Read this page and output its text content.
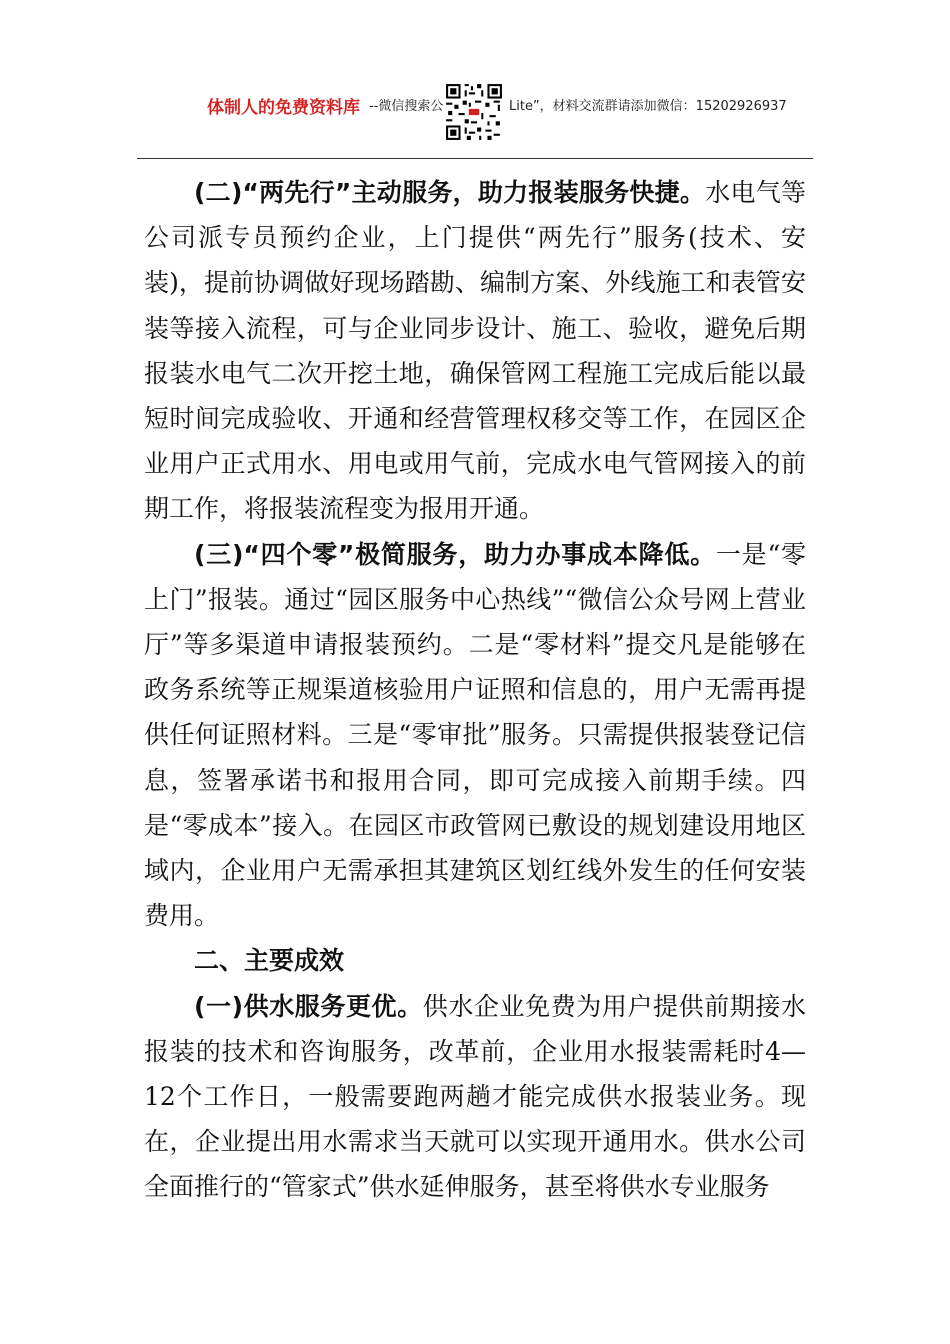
体制人的免费资料库 --微信搜索公	Lite”，材料交流群请添加微信：15202926937

(二)“两先行”主动服务，助力报装服务快捷。水电气等公司派专员预约企业，上门提供“两先行”服务(技术、安装)，提前协调做好现场踏勘、编制方案、外线施工和表管安装等接入流程，可与企业同步设计、施工、验收，避免后期报装水电气二次开挖土地，确保管网工程施工完成后能以最短时间完成验收、开通和经营管理权移交等工作，在园区企业用户正式用水、用电或用气前，完成水电气管网接入的前期工作，将报装流程变为报用开通。

(三)“四个零”极简服务，助力办事成本降低。一是“零上门”报装。通过“园区服务中心热线”“微信公众号网上营业厅”等多渠道申请报装预约。二是“零材料”提交凡是能够在政务系统等正规渠道核验用户证照和信息的，用户无需再提供任何证照材料。三是“零审批”服务。只需提供报装登记信息，签署承诺书和报用合同，即可完成接入前期手续。四是“零成本”接入。在园区市政管网已敷设的规划建设用地区域内，企业用户无需承担其建筑区划红线外发生的任何安装费用。

二、主要成效

(一)供水服务更优。供水企业免费为用户提供前期接水报装的技术和咨询服务，改革前，企业用水报装需耗时4—12个工作日，一般需要跑两趟才能完成供水报装业务。现在，企业提出用水需求当天就可以实现开通用水。供水公司全面推行的“管家式”供水延伸服务，甚至将供水专业服务
